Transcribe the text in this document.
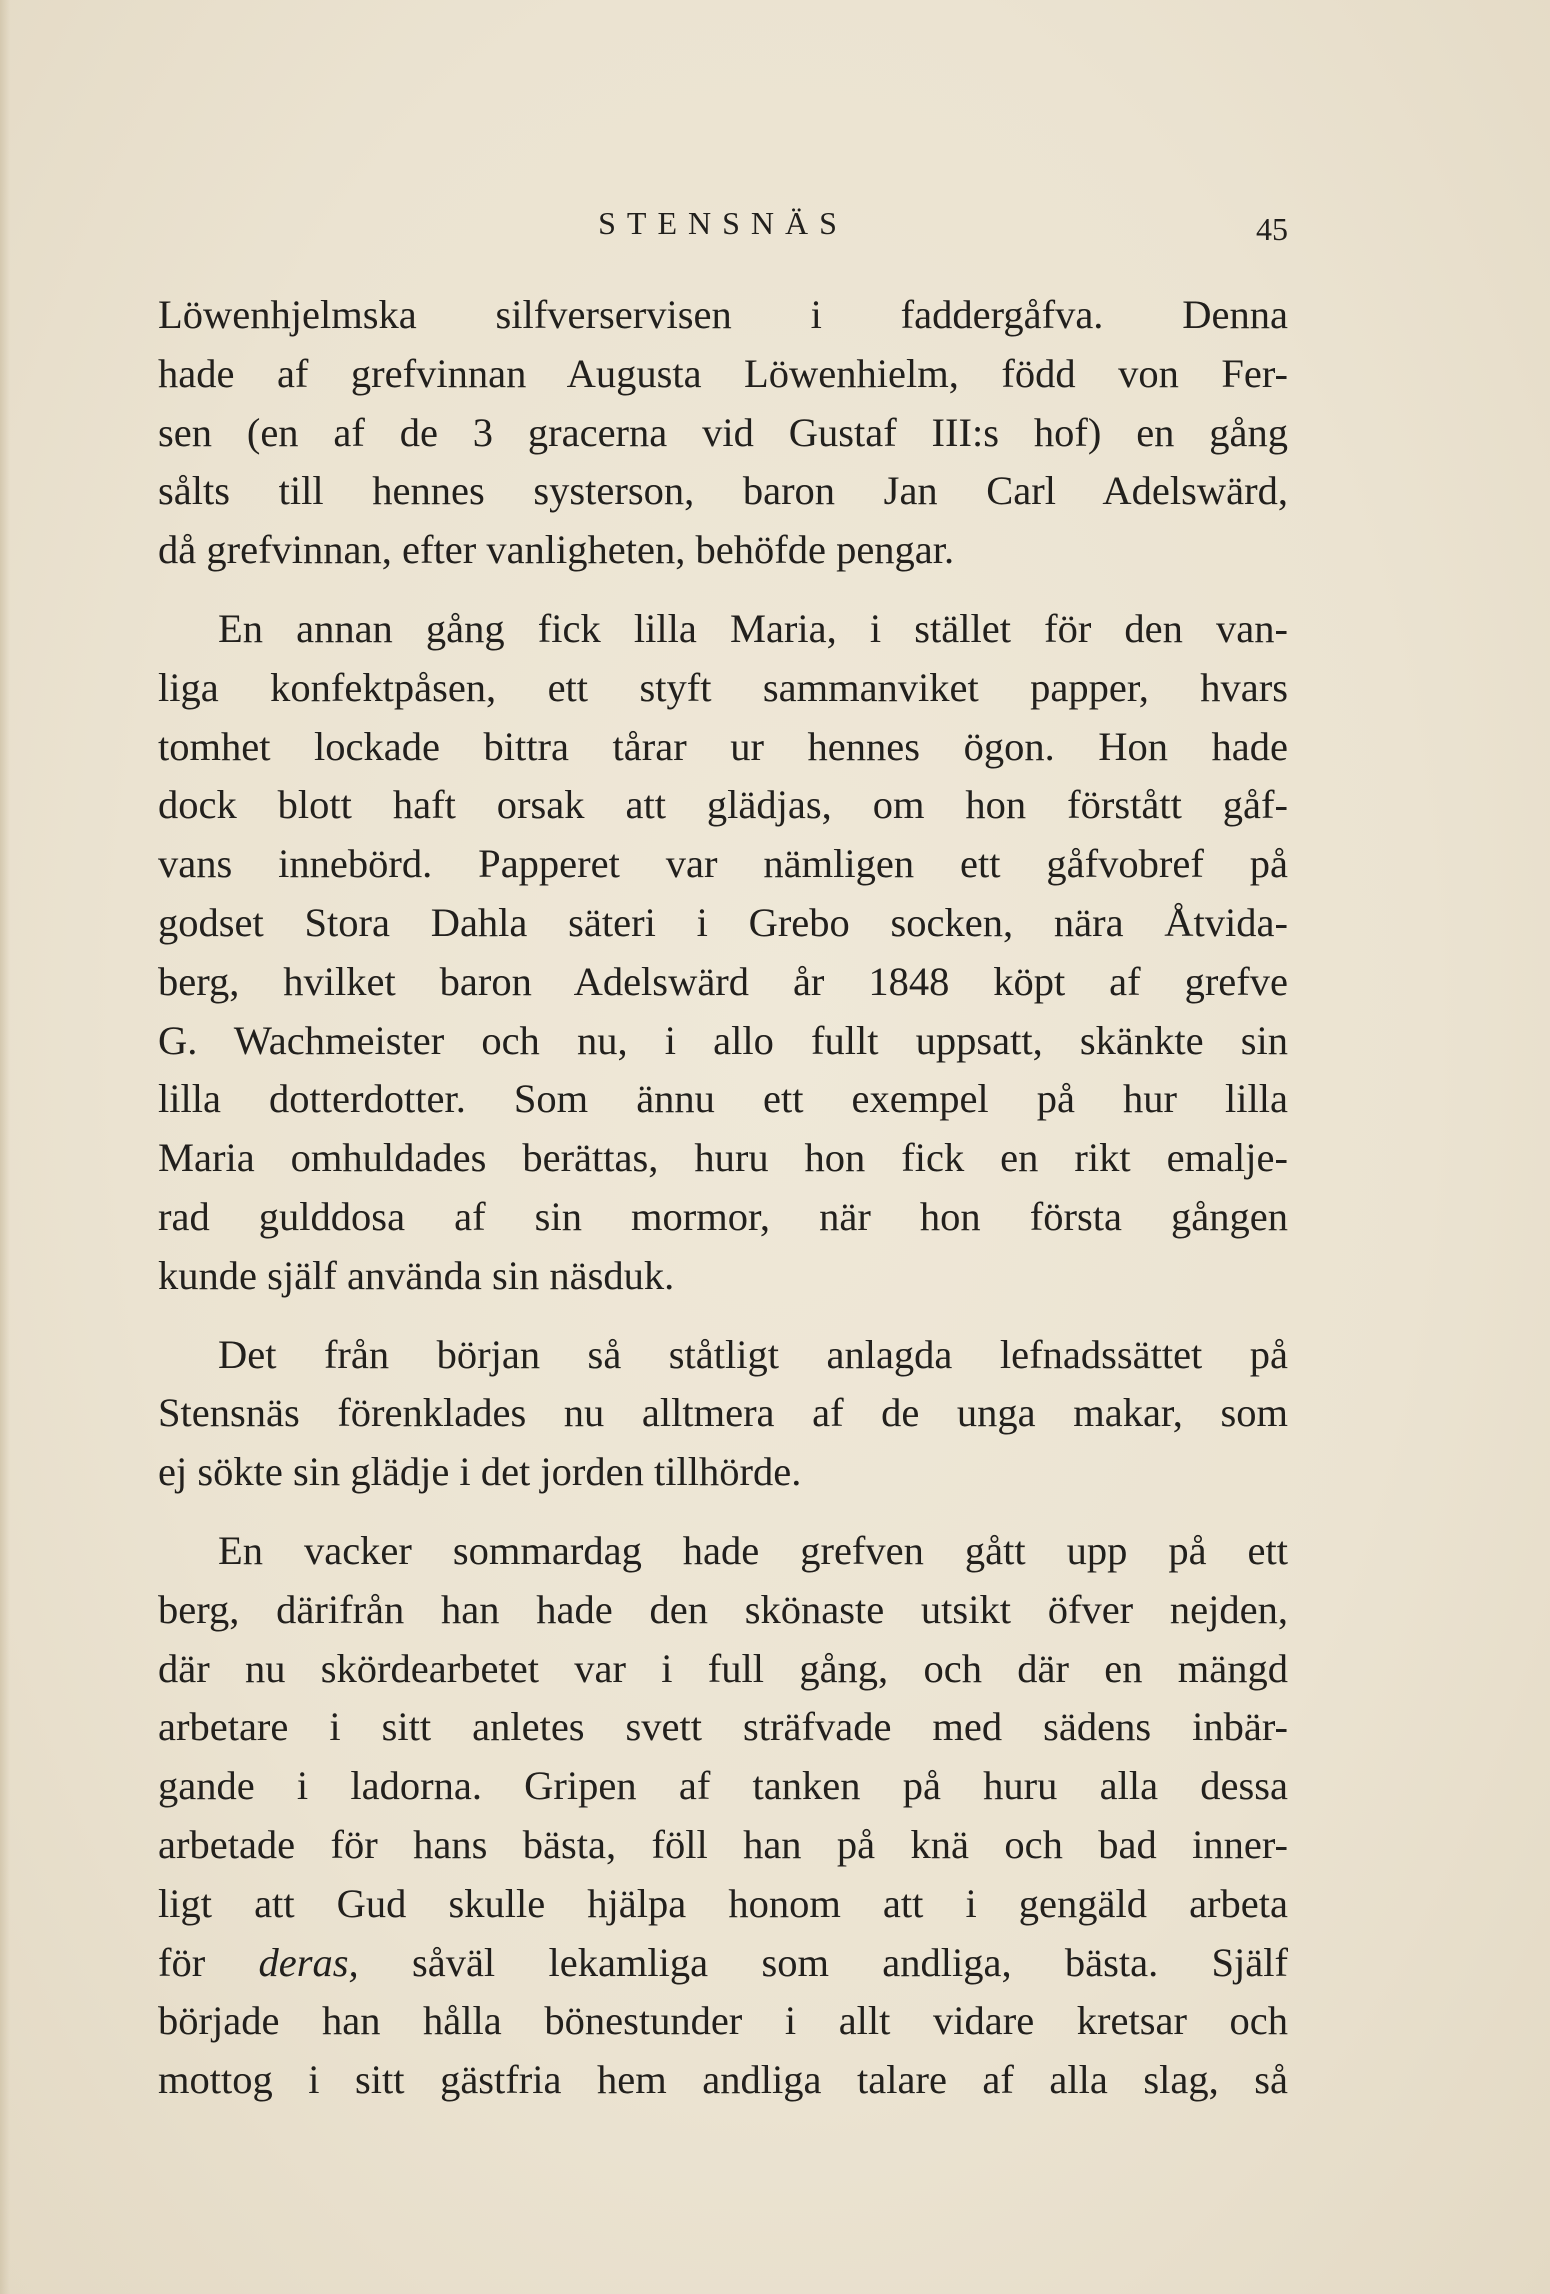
STENSNÄS	45

Löwenhjelmska silfverservisen i faddergåfva. Denna
hade af grefvinnan Augusta Löwenhielm, född von Fer-
sen (en af de 3 gracerna vid Gustaf III:s hof) en gång
sålts till hennes systerson, baron Jan Carl Adelswärd,
då grefvinnan, efter vanligheten, behöfde pengar.

En annan gång fick lilla Maria, i stället för den van-
liga konfektpåsen, ett styft sammanviket papper, hvars
tomhet lockade bittra tårar ur hennes ögon. Hon hade
dock blott haft orsak att glädjas, om hon förstått gåf-
vans innebörd. Papperet var nämligen ett gåfvobref på
godset Stora Dahla säteri i Grebo socken, nära Åtvida-
berg, hvilket baron Adelswärd år 1848 köpt af grefve
G. Wachmeister och nu, i allo fullt uppsatt, skänkte sin
lilla dotterdotter. Som ännu ett exempel på hur lilla
Maria omhuldades berättas, huru hon fick en rikt emalje-
rad gulddosa af sin mormor, när hon första gången
kunde själf använda sin näsduk.

Det från början så ståtligt anlagda lefnadssättet på
Stensnäs förenklades nu alltmera af de unga makar, som
ej sökte sin glädje i det jorden tillhörde.

En vacker sommardag hade grefven gått upp på ett
berg, därifrån han hade den skönaste utsikt öfver nejden,
där nu skördearbetet var i full gång, och där en mängd
arbetare i sitt anletes svett sträfvade med sädens inbär-
gande i ladorna. Gripen af tanken på huru alla dessa
arbetade för hans bästa, föll han på knä och bad inner-
ligt att Gud skulle hjälpa honom att i gengäld arbeta
för deras, såväl lekamliga som andliga, bästa. Själf
började han hålla bönestunder i allt vidare kretsar och
mottog i sitt gästfria hem andliga talare af alla slag, så
